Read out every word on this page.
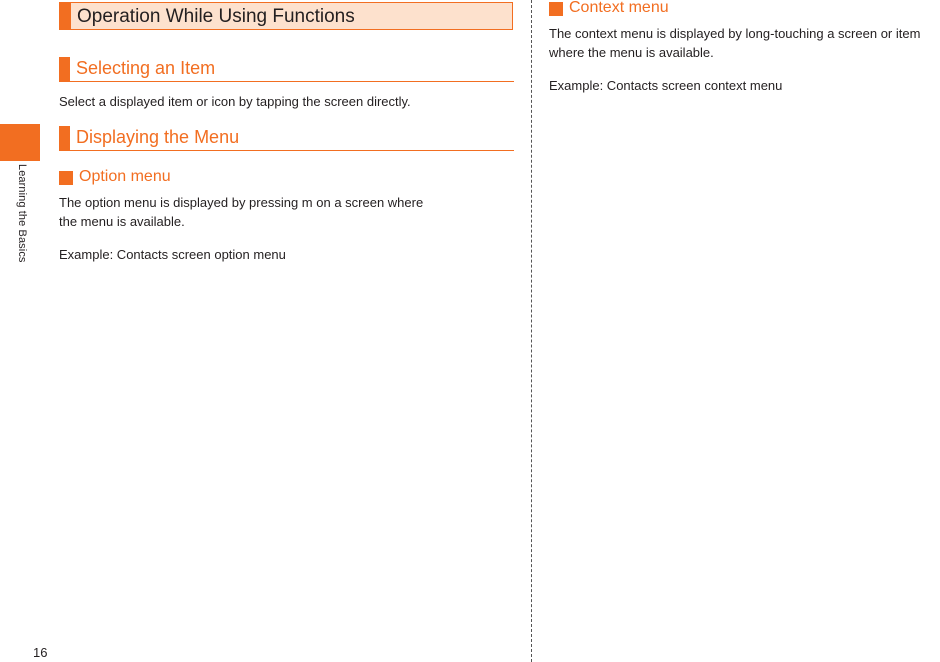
Learning the Basics
16
Operation While Using Functions
Selecting an Item
Select a displayed item or icon by tapping the screen directly.
Displaying the Menu
Option menu
The option menu is displayed by pressing m on a screen where
the menu is available.
Example: Contacts screen option menu
Context menu
The context menu is displayed by long-touching a screen or item
where the menu is available.
Example: Contacts screen context menu
